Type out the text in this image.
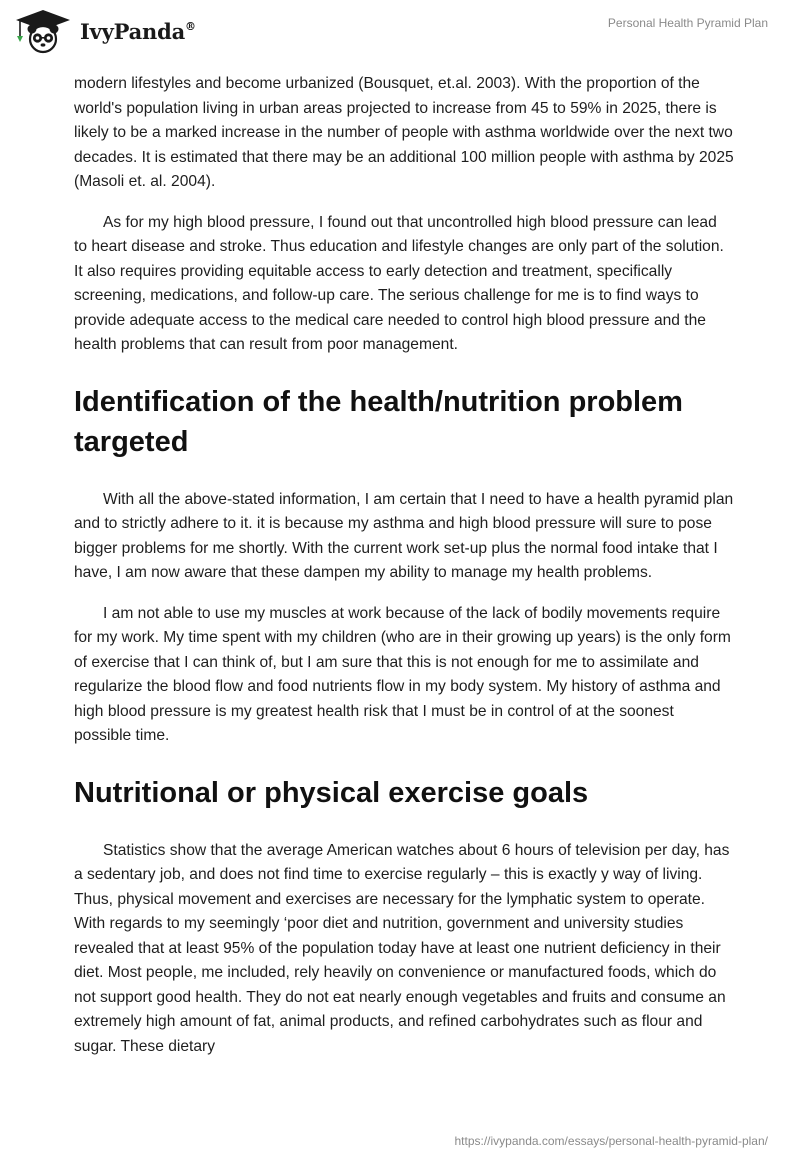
IvyPanda®	Personal Health Pyramid Plan

modern lifestyles and become urbanized (Bousquet, et.al. 2003). With the proportion of the world's population living in urban areas projected to increase from 45 to 59% in 2025, there is likely to be a marked increase in the number of people with asthma worldwide over the next two decades. It is estimated that there may be an additional 100 million people with asthma by 2025 (Masoli et. al. 2004).

As for my high blood pressure, I found out that uncontrolled high blood pressure can lead to heart disease and stroke. Thus education and lifestyle changes are only part of the solution. It also requires providing equitable access to early detection and treatment, specifically screening, medications, and follow-up care. The serious challenge for me is to find ways to provide adequate access to the medical care needed to control high blood pressure and the health problems that can result from poor management.

Identification of the health/nutrition problem targeted

With all the above-stated information, I am certain that I need to have a health pyramid plan and to strictly adhere to it. it is because my asthma and high blood pressure will sure to pose bigger problems for me shortly. With the current work set-up plus the normal food intake that I have, I am now aware that these dampen my ability to manage my health problems.

I am not able to use my muscles at work because of the lack of bodily movements require for my work. My time spent with my children (who are in their growing up years) is the only form of exercise that I can think of, but I am sure that this is not enough for me to assimilate and regularize the blood flow and food nutrients flow in my body system. My history of asthma and high blood pressure is my greatest health risk that I must be in control of at the soonest possible time.

Nutritional or physical exercise goals

Statistics show that the average American watches about 6 hours of television per day, has a sedentary job, and does not find time to exercise regularly – this is exactly y way of living. Thus, physical movement and exercises are necessary for the lymphatic system to operate. With regards to my seemingly ‘poor diet and nutrition, government and university studies revealed that at least 95% of the population today have at least one nutrient deficiency in their diet. Most people, me included, rely heavily on convenience or manufactured foods, which do not support good health. They do not eat nearly enough vegetables and fruits and consume an extremely high amount of fat, animal products, and refined carbohydrates such as flour and sugar. These dietary

https://ivypanda.com/essays/personal-health-pyramid-plan/
